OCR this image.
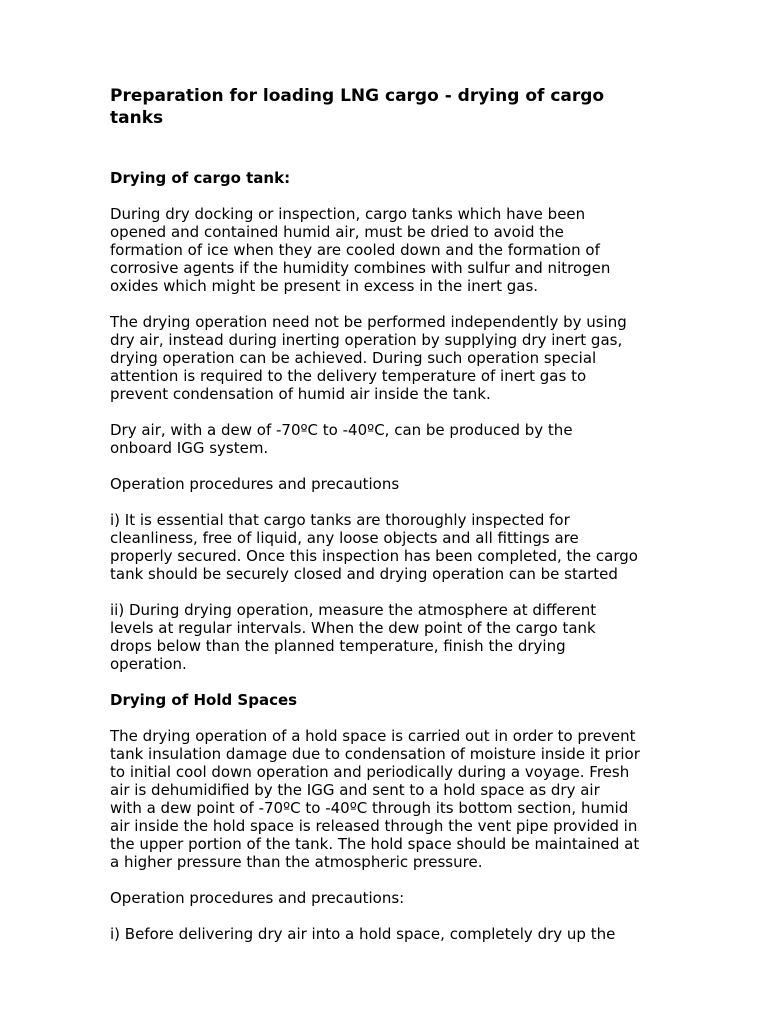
Preparation for loading LNG cargo - drying of cargo
tanks
Drying of cargo tank:

During dry docking or inspection, cargo tanks which have been
opened and contained humid air, must be dried to avoid the
formation of ice when they are cooled down and the formation of
corrosive agents if the humidity combines with sulfur and nitrogen
oxides which might be present in excess in the inert gas.

The drying operation need not be performed independently by using
dry air, instead during inerting operation by supplying dry inert gas,
drying operation can be achieved. During such operation special
attention is required to the delivery temperature of inert gas to
prevent condensation of humid air inside the tank.

Dry air, with a dew of -70ºC to -40ºC, can be produced by the
onboard IGG system.

Operation procedures and precautions

i) It is essential that cargo tanks are thoroughly inspected for
cleanliness, free of liquid, any loose objects and all fittings are
properly secured. Once this inspection has been completed, the cargo
tank should be securely closed and drying operation can be started

ii) During drying operation, measure the atmosphere at different
levels at regular intervals. When the dew point of the cargo tank
drops below than the planned temperature, finish the drying
operation.

Drying of Hold Spaces

The drying operation of a hold space is carried out in order to prevent
tank insulation damage due to condensation of moisture inside it prior
to initial cool down operation and periodically during a voyage. Fresh
air is dehumidified by the IGG and sent to a hold space as dry air
with a dew point of -70ºC to -40ºC through its bottom section, humid
air inside the hold space is released through the vent pipe provided in
the upper portion of the tank. The hold space should be maintained at
a higher pressure than the atmospheric pressure.

Operation procedures and precautions:

i) Before delivering dry air into a hold space, completely dry up the
